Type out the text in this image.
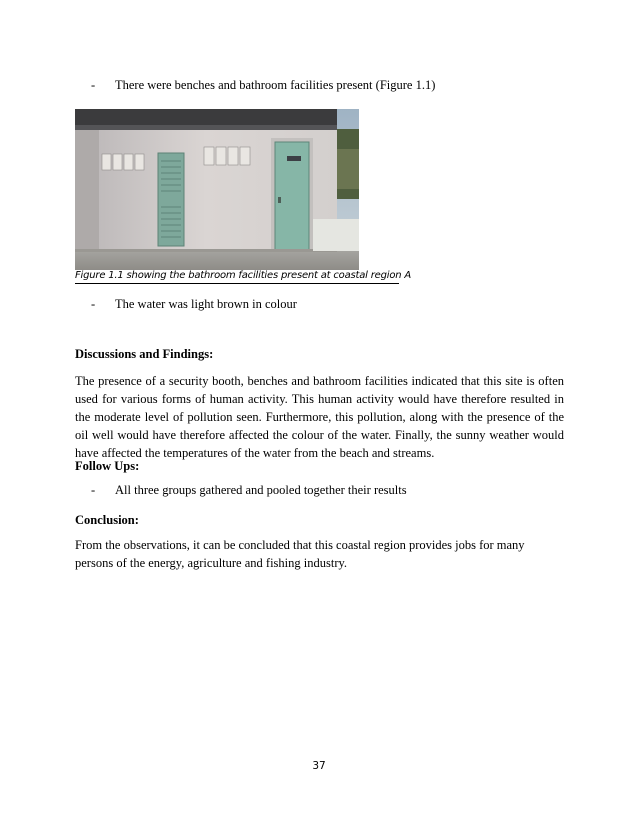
- There were benches and bathroom facilities present (Figure 1.1)
Figure 1.1 showing the bathroom facilities present at coastal region A
- The water was light brown in colour
Discussions and Findings:
The presence of a security booth, benches and bathroom facilities indicated that this site is often
used for various forms of human activity. This human activity would have therefore resulted in
the moderate level of pollution seen. Furthermore, this pollution, along with the presence of the
oil well would have therefore affected the colour of the water. Finally, the sunny weather would
have affected the temperatures of the water from the beach and streams.
Follow Ups:
- All three groups gathered and pooled together their results
Conclusion:
From the observations, it can be concluded that this coastal region provides jobs for many
persons of the energy, agriculture and fishing industry.
37
